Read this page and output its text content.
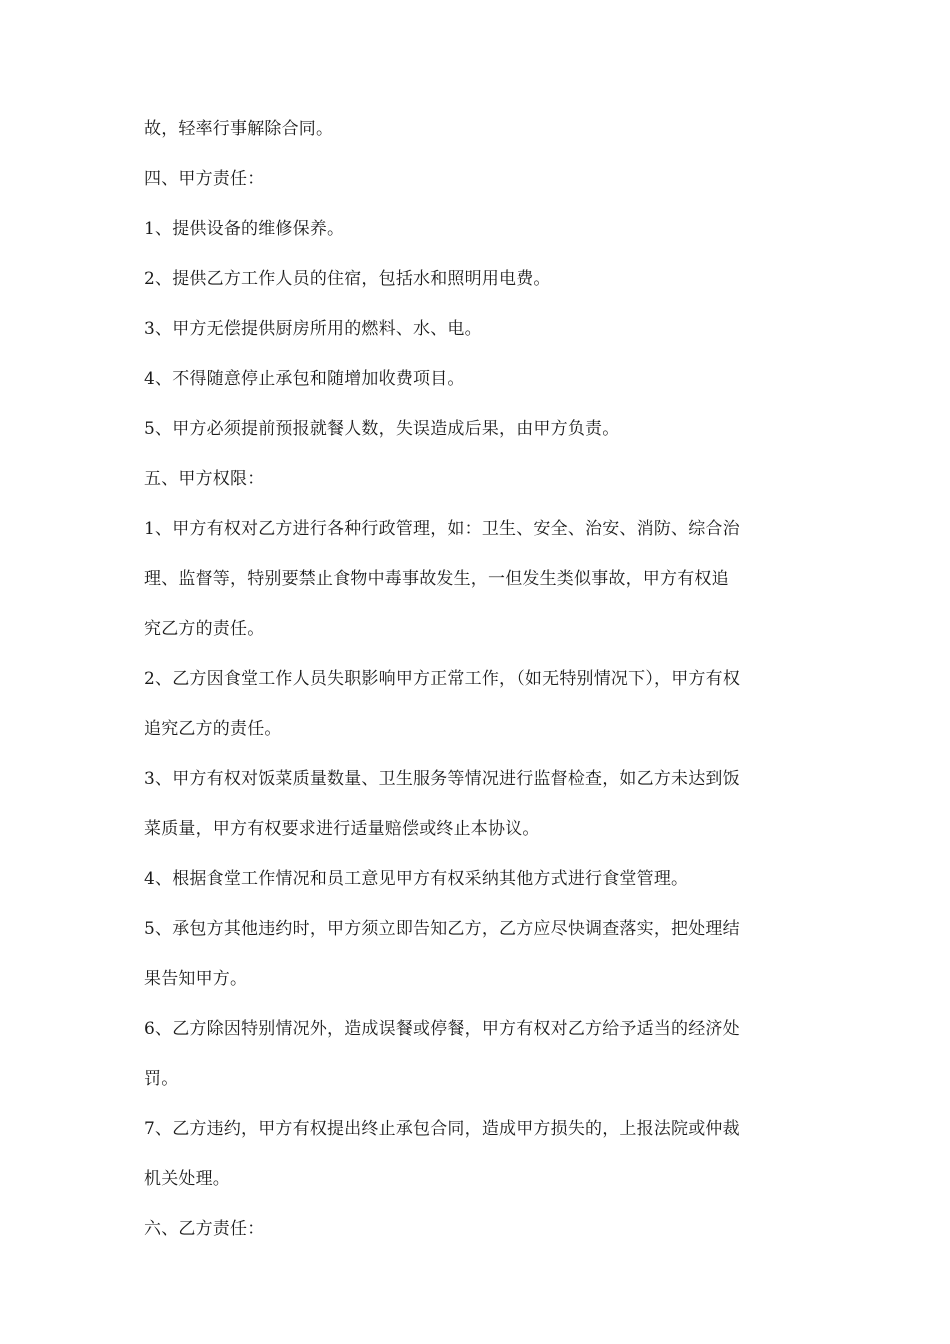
故，轻率行事解除合同。
四、甲方责任：
1、提供设备的维修保养。
2、提供乙方工作人员的住宿，包括水和照明用电费。
3、甲方无偿提供厨房所用的燃料、水、电。
4、不得随意停止承包和随增加收费项目。
5、甲方必须提前预报就餐人数，失误造成后果，由甲方负责。
五、甲方权限：
1、甲方有权对乙方进行各种行政管理，如：卫生、安全、治安、消防、综合治
理、监督等，特别要禁止食物中毒事故发生，一但发生类似事故，甲方有权追
究乙方的责任。
2、乙方因食堂工作人员失职影响甲方正常工作，（如无特别情况下），甲方有权
追究乙方的责任。
3、甲方有权对饭菜质量数量、卫生服务等情况进行监督检查，如乙方未达到饭
菜质量，甲方有权要求进行适量赔偿或终止本协议。
4、根据食堂工作情况和员工意见甲方有权采纳其他方式进行食堂管理。
5、承包方其他违约时，甲方须立即告知乙方，乙方应尽快调查落实，把处理结
果告知甲方。
6、乙方除因特别情况外，造成误餐或停餐，甲方有权对乙方给予适当的经济处
罚。
7、乙方违约，甲方有权提出终止承包合同，造成甲方损失的，上报法院或仲裁
机关处理。
六、乙方责任：
